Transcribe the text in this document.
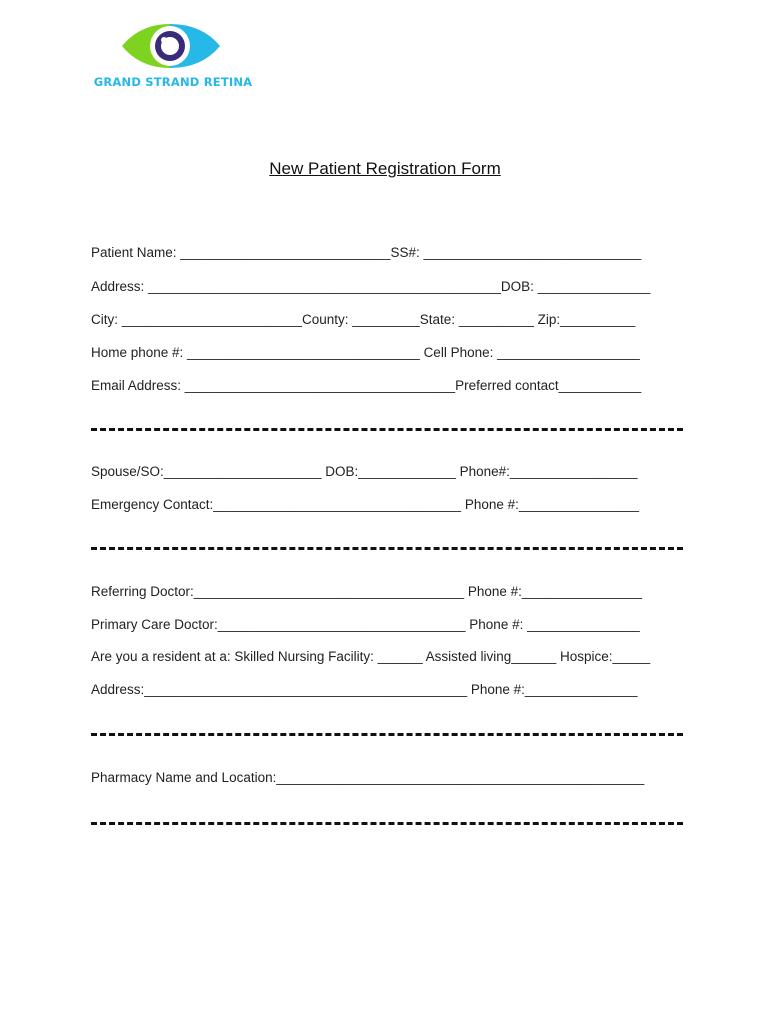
GRAND STRAND RETINA
New Patient Registration Form
Patient Name: ____________________________SS#: _____________________________
Address: _______________________________________________DOB: _______________
City: ________________________County: _________State: __________ Zip:__________
Home phone #: _______________________________ Cell Phone: ___________________
Email Address: ____________________________________Preferred contact___________
Spouse/SO:_____________________ DOB:_____________ Phone#:_________________
Emergency Contact:_________________________________ Phone #:________________
Referring Doctor:____________________________________ Phone #:________________
Primary Care Doctor:_________________________________ Phone #: _______________
Are you a resident at a: Skilled Nursing Facility: ______ Assisted living______ Hospice:_____
Address:___________________________________________ Phone #:_______________
Pharmacy Name and Location:_________________________________________________
